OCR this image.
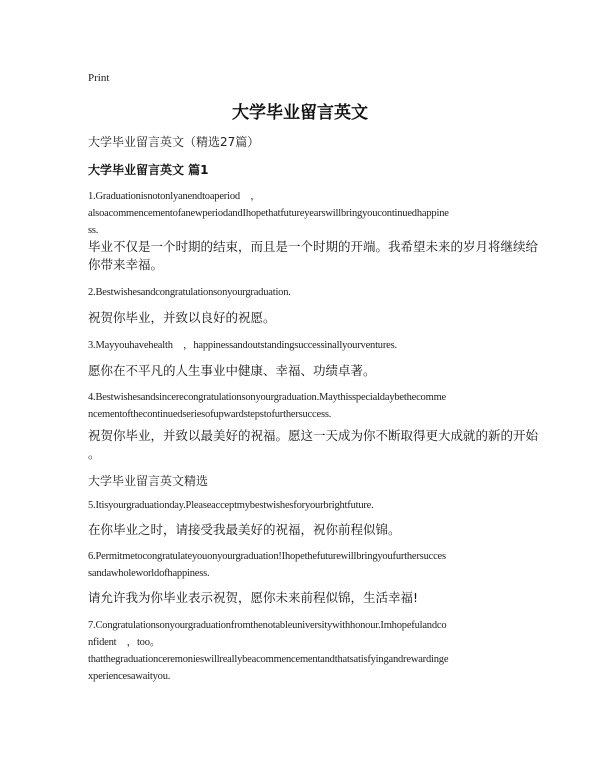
Print
大学毕业留言英文
大学毕业留言英文（精选27篇）
大学毕业留言英文 篇1
1.Graduationisnotonlyanendtoaperiod　，
alsoacommencementofanewperiodandIhopethatfutureyearswillbringyoucontinuedhappine
ss.
毕业不仅是一个时期的结束，而且是一个时期的开端。我希望未来的岁月将继续给
你带来幸福。
2.Bestwishesandcongratulationsonyourgraduation.
祝贺你毕业，并致以良好的祝愿。
3.Mayyouhavehealth　，happinessandoutstandingsuccessinallyourventures.
愿你在不平凡的人生事业中健康、幸福、功绩卓著。
4.Bestwishesandsincerecongratulationsonyourgraduation.Maythisspecialdaybethecomme
ncementofthecontinuedseriesofupwardstepstofurthersuccess.
祝贺你毕业，并致以最美好的祝福。愿这一天成为你不断取得更大成就的新的开始
。
大学毕业留言英文精选
5.Itisyourgraduationday.Pleaseacceptmybestwishesforyourbrightfuture.
在你毕业之时，请接受我最美好的祝福，祝你前程似锦。
6.Permitmetocongratulateyouonyourgraduation!Ihopethefuturewillbringyoufurthersucces
sandawholeworldofhappiness.
请允许我为你毕业表示祝贺，愿你未来前程似锦，生活幸福!
7.Congratulationsonyourgraduationfromthenotableuniversitywithhonour.Imhopefulandco
nfident　，too。
thatthegraduationceremonieswillreallybeacommencementandthatsatisfyingandrewardinge
xperiencesawaityou.
